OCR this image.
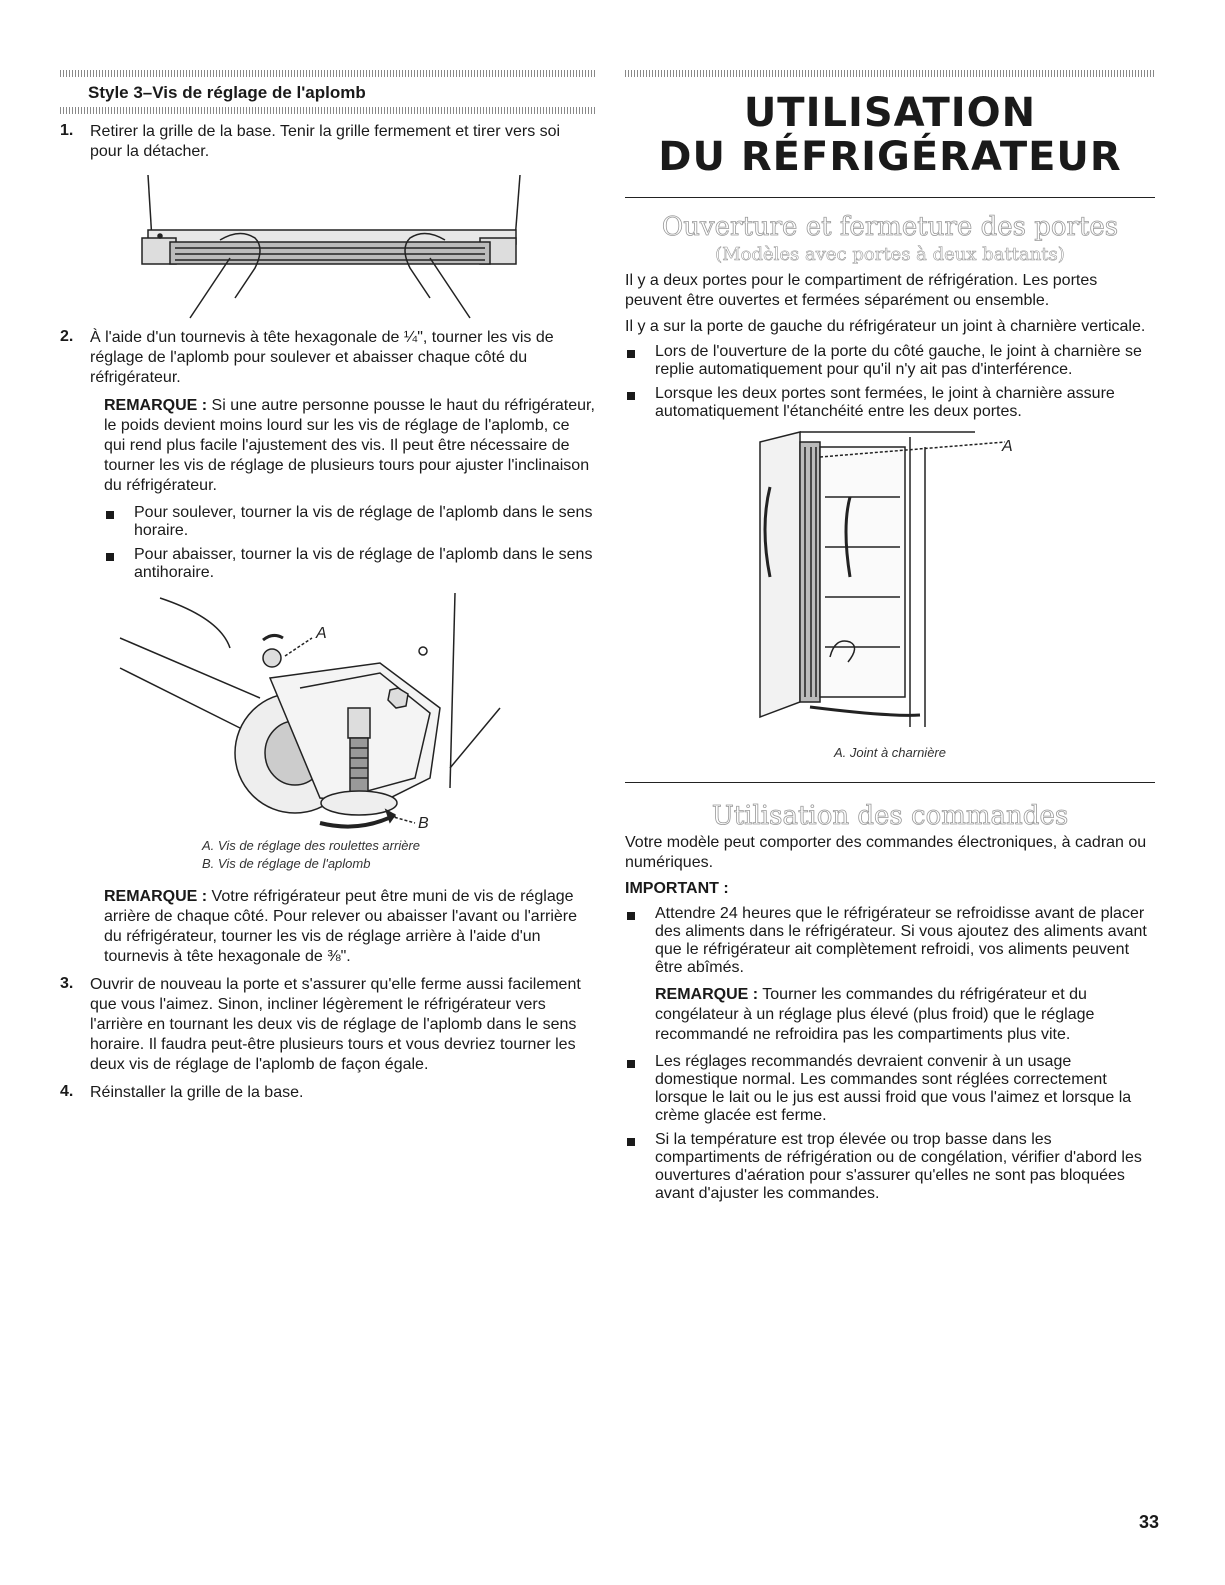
Style 3–Vis de réglage de l'aplomb
1. Retirer la grille de la base. Tenir la grille fermement et tirer vers soi pour la détacher.

2. À l'aide d'un tournevis à tête hexagonale de ¼", tourner les vis de réglage de l'aplomb pour soulever et abaisser chaque côté du réfrigérateur.

REMARQUE : Si une autre personne pousse le haut du réfrigérateur, le poids devient moins lourd sur les vis de réglage de l'aplomb, ce qui rend plus facile l'ajustement des vis. Il peut être nécessaire de tourner les vis de réglage de plusieurs tours pour ajuster l'inclinaison du réfrigérateur.

Pour soulever, tourner la vis de réglage de l'aplomb dans le sens horaire.
Pour abaisser, tourner la vis de réglage de l'aplomb dans le sens antihoraire.
A
B
A. Vis de réglage des roulettes arrière
B. Vis de réglage de l'aplomb

REMARQUE : Votre réfrigérateur peut être muni de vis de réglage arrière de chaque côté. Pour relever ou abaisser l'avant ou l'arrière du réfrigérateur, tourner les vis de réglage arrière à l'aide d'un tournevis à tête hexagonale de ⅜".

3. Ouvrir de nouveau la porte et s'assurer qu'elle ferme aussi facilement que vous l'aimez. Sinon, incliner légèrement le réfrigérateur vers l'arrière en tournant les deux vis de réglage de l'aplomb dans le sens horaire. Il faudra peut-être plusieurs tours et vous devriez tourner les deux vis de réglage de l'aplomb de façon égale.

4. Réinstaller la grille de la base.

UTILISATION
DU RÉFRIGÉRATEUR
Ouverture et fermeture des portes
(Modèles avec portes à deux battants)

Il y a deux portes pour le compartiment de réfrigération. Les portes peuvent être ouvertes et fermées séparément ou ensemble.

Il y a sur la porte de gauche du réfrigérateur un joint à charnière verticale.

Lors de l'ouverture de la porte du côté gauche, le joint à charnière se replie automatiquement pour qu'il n'y ait pas d'interférence.
Lorsque les deux portes sont fermées, le joint à charnière assure automatiquement l'étanchéité entre les deux portes.
A
A. Joint à charnière
Utilisation des commandes

Votre modèle peut comporter des commandes électroniques, à cadran ou numériques.

IMPORTANT :

Attendre 24 heures que le réfrigérateur se refroidisse avant de placer des aliments dans le réfrigérateur. Si vous ajoutez des aliments avant que le réfrigérateur ait complètement refroidi, vos aliments peuvent être abîmés.

REMARQUE : Tourner les commandes du réfrigérateur et du congélateur à un réglage plus élevé (plus froid) que le réglage recommandé ne refroidira pas les compartiments plus vite.

Les réglages recommandés devraient convenir à un usage domestique normal. Les commandes sont réglées correctement lorsque le lait ou le jus est aussi froid que vous l'aimez et lorsque la crème glacée est ferme.
Si la température est trop élevée ou trop basse dans les compartiments de réfrigération ou de congélation, vérifier d'abord les ouvertures d'aération pour s'assurer qu'elles ne sont pas bloquées avant d'ajuster les commandes.
33
